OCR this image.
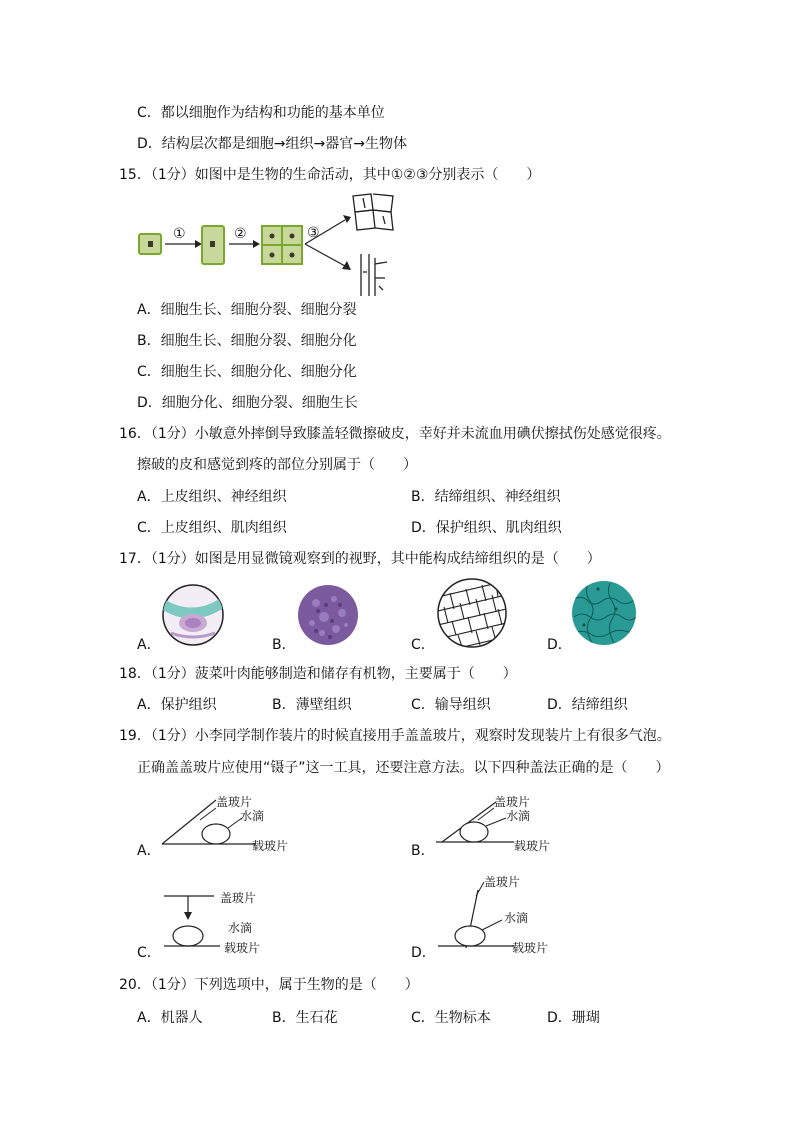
C．都以细胞作为结构和功能的基本单位
D．结构层次都是细胞→组织→器官→生物体
15．（1分）如图中是生物的生命活动，其中①②③分别表示（　　）
①	②	③
A．细胞生长、细胞分裂、细胞分裂
B．细胞生长、细胞分裂、细胞分化
C．细胞生长、细胞分化、细胞分化
D．细胞分化、细胞分裂、细胞生长
16．（1分）小敏意外摔倒导致膝盖轻微擦破皮，幸好并未流血用碘伏擦拭伤处感觉很疼。
擦破的皮和感觉到疼的部位分别属于（　　）
A．上皮组织、神经组织	B．结缔组织、神经组织
C．上皮组织、肌肉组织	D．保护组织、肌肉组织
17．（1分）如图是用显微镜观察到的视野，其中能构成结缔组织的是（　　）
A．	B．	C．	D．
18．（1分）菠菜叶肉能够制造和储存有机物，主要属于（　　）
A．保护组织	B．薄壁组织	C．输导组织	D．结缔组织
19．（1分）小李同学制作装片的时候直接用手盖盖玻片，观察时发现装片上有很多气泡。
正确盖盖玻片应使用“镊子”这一工具，还要注意方法。以下四种盖法正确的是（　　）
A．
盖玻片
水滴
载玻片	B．
盖玻片
水滴
载玻片
C．
盖玻片
水滴
载玻片	D．
盖玻片
水滴
载玻片
20．（1分）下列选项中，属于生物的是（　　）
A．机器人	B．生石花	C．生物标本	D．珊瑚
